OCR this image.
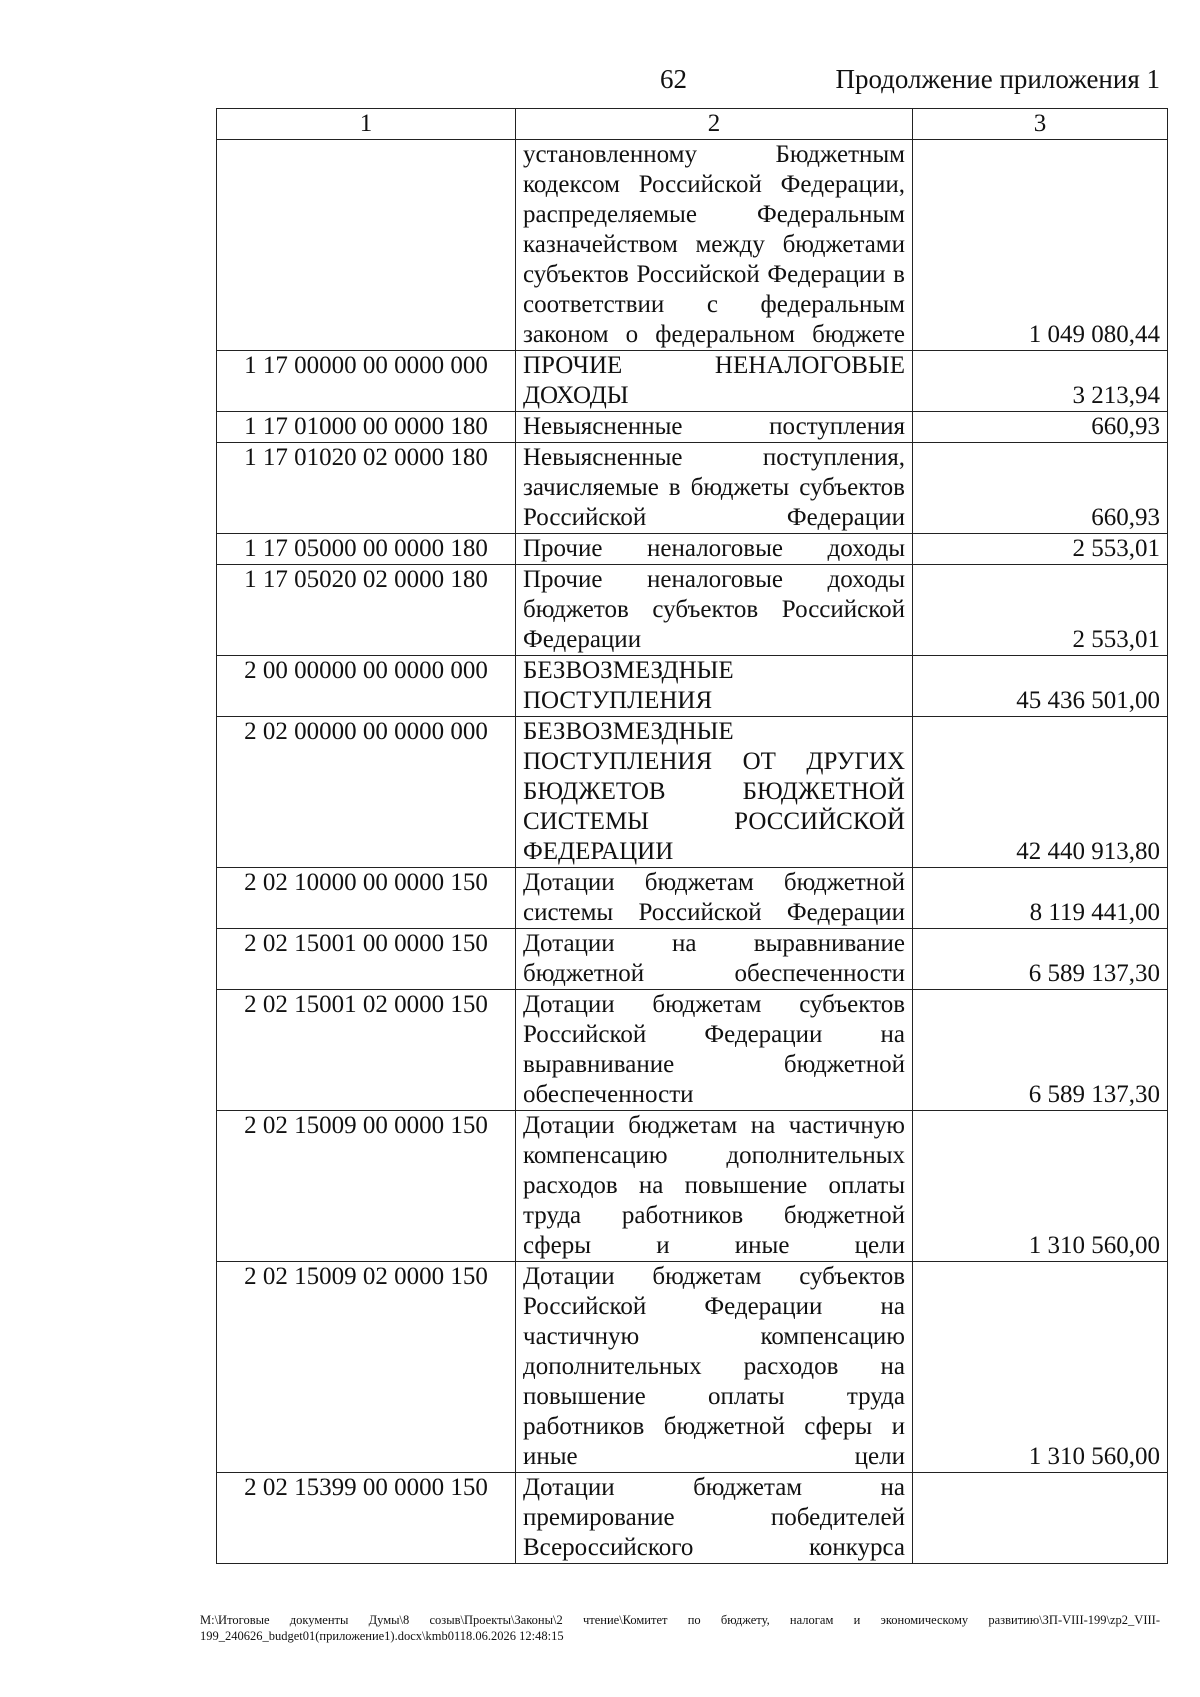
62	Продолжение приложения 1
1	2	3
	установленному Бюджетным кодексом Российской Федерации, распределяемые Федеральным казначейством между бюджетами субъектов Российской Федерации в соответствии с федеральным законом о федеральном бюджете	1 049 080,44
1 17 00000 00 0000 000	ПРОЧИЕ НЕНАЛОГОВЫЕ ДОХОДЫ	3 213,94
1 17 01000 00 0000 180	Невыясненные поступления	660,93
1 17 01020 02 0000 180	Невыясненные поступления, зачисляемые в бюджеты субъектов Российской Федерации	660,93
1 17 05000 00 0000 180	Прочие неналоговые доходы	2 553,01
1 17 05020 02 0000 180	Прочие неналоговые доходы бюджетов субъектов Российской Федерации	2 553,01
2 00 00000 00 0000 000	БЕЗВОЗМЕЗДНЫЕ ПОСТУПЛЕНИЯ	45 436 501,00
2 02 00000 00 0000 000	БЕЗВОЗМЕЗДНЫЕ ПОСТУПЛЕНИЯ ОТ ДРУГИХ БЮДЖЕТОВ БЮДЖЕТНОЙ СИСТЕМЫ РОССИЙСКОЙ ФЕДЕРАЦИИ	42 440 913,80
2 02 10000 00 0000 150	Дотации бюджетам бюджетной системы Российской Федерации	8 119 441,00
2 02 15001 00 0000 150	Дотации на выравнивание бюджетной обеспеченности	6 589 137,30
2 02 15001 02 0000 150	Дотации бюджетам субъектов Российской Федерации на выравнивание бюджетной обеспеченности	6 589 137,30
2 02 15009 00 0000 150	Дотации бюджетам на частичную компенсацию дополнительных расходов на повышение оплаты труда работников бюджетной сферы и иные цели	1 310 560,00
2 02 15009 02 0000 150	Дотации бюджетам субъектов Российской Федерации на частичную компенсацию дополнительных расходов на повышение оплаты труда работников бюджетной сферы и иные цели	1 310 560,00
2 02 15399 00 0000 150	Дотации бюджетам на премирование победителей Всероссийского конкурса	
M:\Итоговые документы Думы\8 созыв\Проекты\Законы\2 чтение\Комитет по бюджету, налогам и экономическому развитию\ЗП-VIII-199\zp2_VIII-199_240626_budget01(приложение1).docx\kmb0118.06.2026 12:48:15
